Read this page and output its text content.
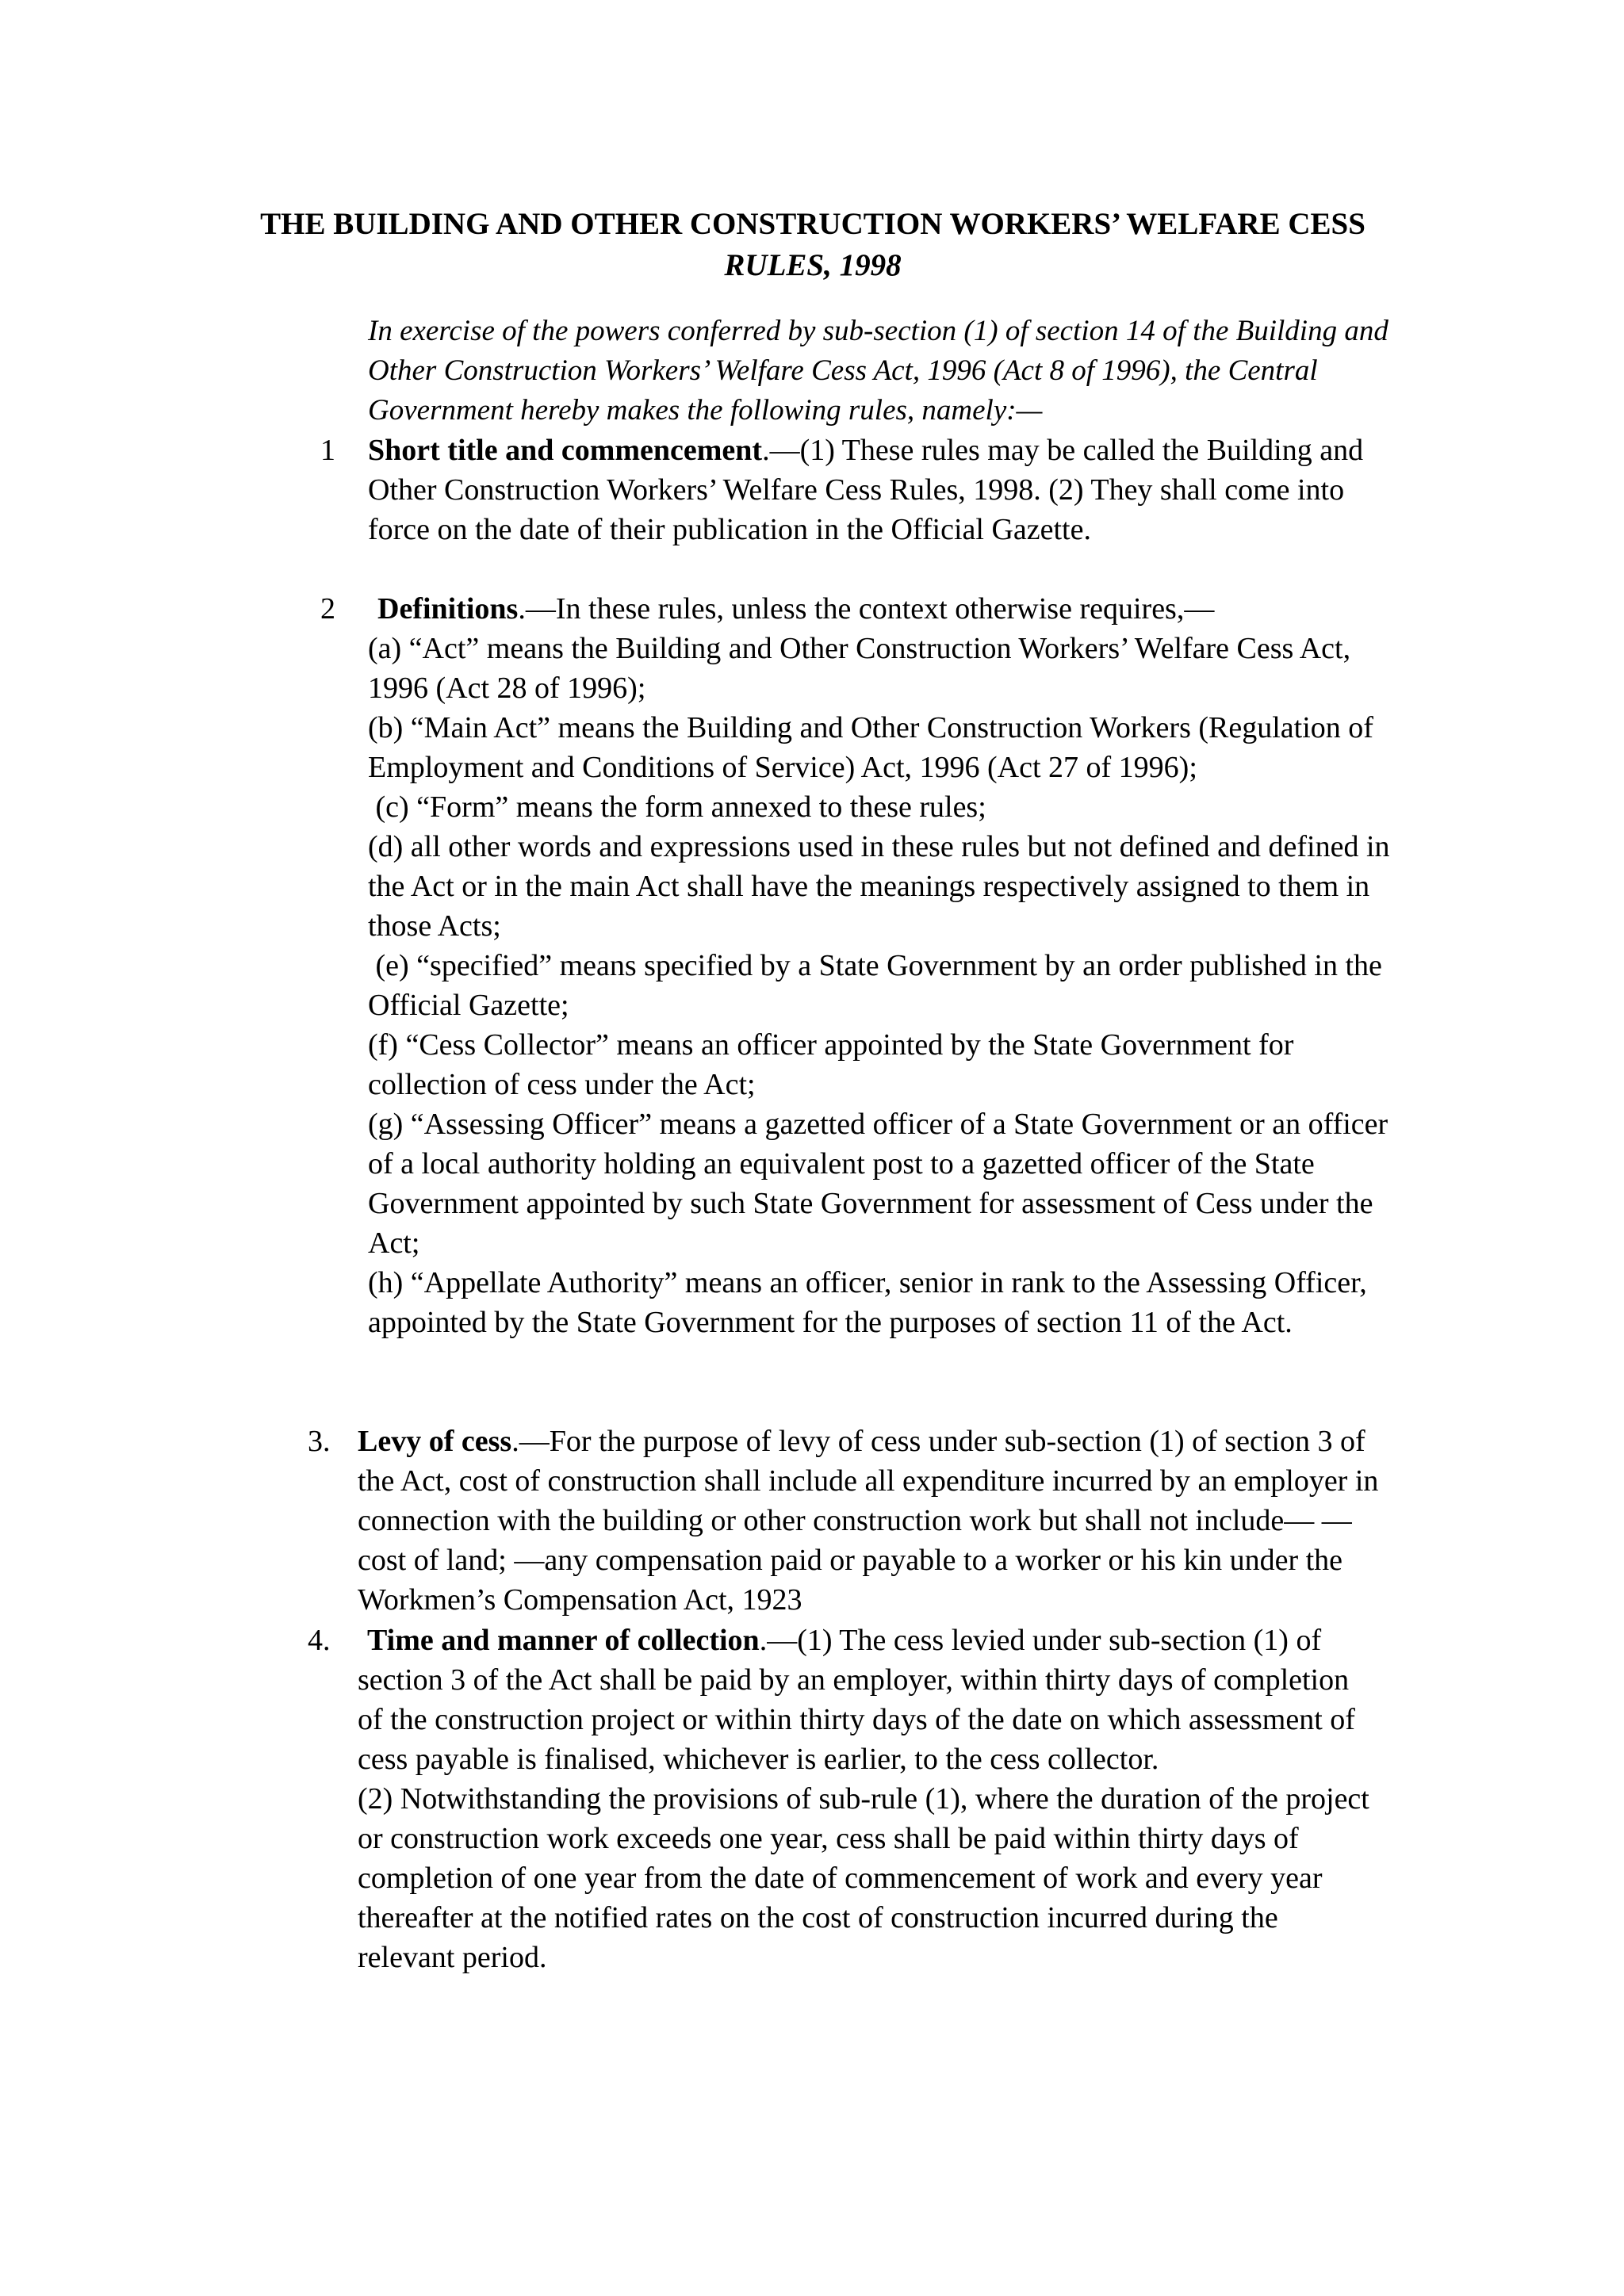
THE BUILDING AND OTHER CONSTRUCTION WORKERS’ WELFARE CESS
RULES, 1998
In exercise of the powers conferred by sub-section (1) of section 14 of the Building and Other Construction Workers’ Welfare Cess Act, 1996 (Act 8 of 1996), the Central Government hereby makes the following rules, namely:—
1 Short title and commencement.—(1) These rules may be called the Building and Other Construction Workers’ Welfare Cess Rules, 1998. (2) They shall come into force on the date of their publication in the Official Gazette.
2	Definitions.—In these rules, unless the context otherwise requires,—
(a) “Act” means the Building and Other Construction Workers’ Welfare Cess Act, 1996 (Act 28 of 1996);
(b) “Main Act” means the Building and Other Construction Workers (Regulation of Employment and Conditions of Service) Act, 1996 (Act 27 of 1996);
(c) “Form” means the form annexed to these rules;
(d) all other words and expressions used in these rules but not defined and defined in the Act or in the main Act shall have the meanings respectively assigned to them in those Acts;
(e) “specified” means specified by a State Government by an order published in the Official Gazette;
(f) “Cess Collector” means an officer appointed by the State Government for collection of cess under the Act;
(g) “Assessing Officer” means a gazetted officer of a State Government or an officer of a local authority holding an equivalent post to a gazetted officer of the State Government appointed by such State Government for assessment of Cess under the Act;
(h) “Appellate Authority” means an officer, senior in rank to the Assessing Officer, appointed by the State Government for the purposes of section 11 of the Act.
3. Levy of cess.—For the purpose of levy of cess under sub-section (1) of section 3 of the Act, cost of construction shall include all expenditure incurred by an employer in connection with the building or other construction work but shall not include— —cost of land; —any compensation paid or payable to a worker or his kin under the Workmen’s Compensation Act, 1923
4.	Time and manner of collection.—(1) The cess levied under sub-section (1) of section 3 of the Act shall be paid by an employer, within thirty days of completion of the construction project or within thirty days of the date on which assessment of cess payable is finalised, whichever is earlier, to the cess collector.
(2) Notwithstanding the provisions of sub-rule (1), where the duration of the project or construction work exceeds one year, cess shall be paid within thirty days of completion of one year from the date of commencement of work and every year thereafter at the notified rates on the cost of construction incurred during the relevant period.
